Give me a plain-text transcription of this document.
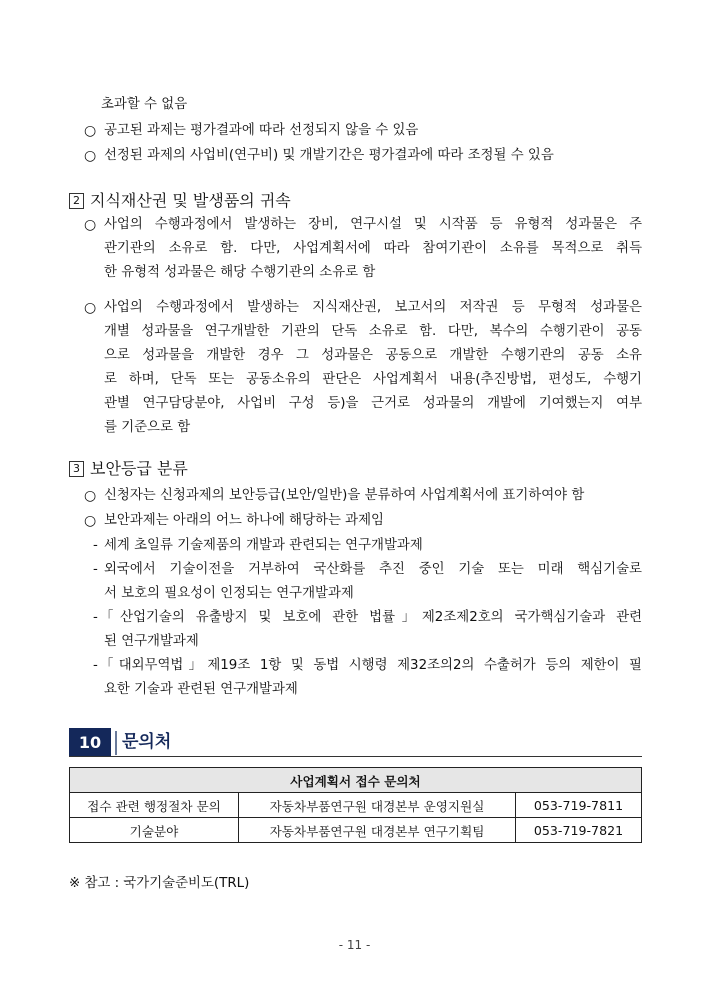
초과할 수 없음
○ 공고된 과제는 평가결과에 따라 선정되지 않을 수 있음
○ 선정된 과제의 사업비(연구비) 및 개발기간은 평가결과에 따라 조정될 수 있음
2 지식재산권 및 발생품의 귀속
○ 사업의 수행과정에서 발생하는 장비, 연구시설 및 시작품 등 유형적 성과물은 주
관기관의 소유로 함. 다만, 사업계획서에 따라 참여기관이 소유를 목적으로 취득
한 유형적 성과물은 해당 수행기관의 소유로 함
○ 사업의 수행과정에서 발생하는 지식재산권, 보고서의 저작권 등 무형적 성과물은
개별 성과물을 연구개발한 기관의 단독 소유로 함. 다만, 복수의 수행기관이 공동
으로 성과물을 개발한 경우 그 성과물은 공동으로 개발한 수행기관의 공동 소유
로 하며, 단독 또는 공동소유의 판단은 사업계획서 내용(추진방법, 편성도, 수행기
관별 연구담당분야, 사업비 구성 등)을 근거로 성과물의 개발에 기여했는지 여부
를 기준으로 함
3 보안등급 분류
○ 신청자는 신청과제의 보안등급(보안/일반)을 분류하여 사업계획서에 표기하여야 함
○ 보안과제는 아래의 어느 하나에 해당하는 과제임
- 세계 초일류 기술제품의 개발과 관련되는 연구개발과제
- 외국에서 기술이전을 거부하여 국산화를 추진 중인 기술 또는 미래 핵심기술로
서 보호의 필요성이 인정되는 연구개발과제
- 「산업기술의 유출방지 및 보호에 관한 법률」제2조제2호의 국가핵심기술과 관련
된 연구개발과제
- 「대외무역법」제19조 1항 및 동법 시행령 제32조의2의 수출허가 등의 제한이 필
요한 기술과 관련된 연구개발과제
10	문의처
사업계획서 접수 문의처		
접수 관련 행정절차 문의	자동차부품연구원 대경본부 운영지원실	053-719-7811
기술분야	자동차부품연구원 대경본부 연구기획팀	053-719-7821
※ 참고 : 국가기술준비도(TRL)
- 11 -
